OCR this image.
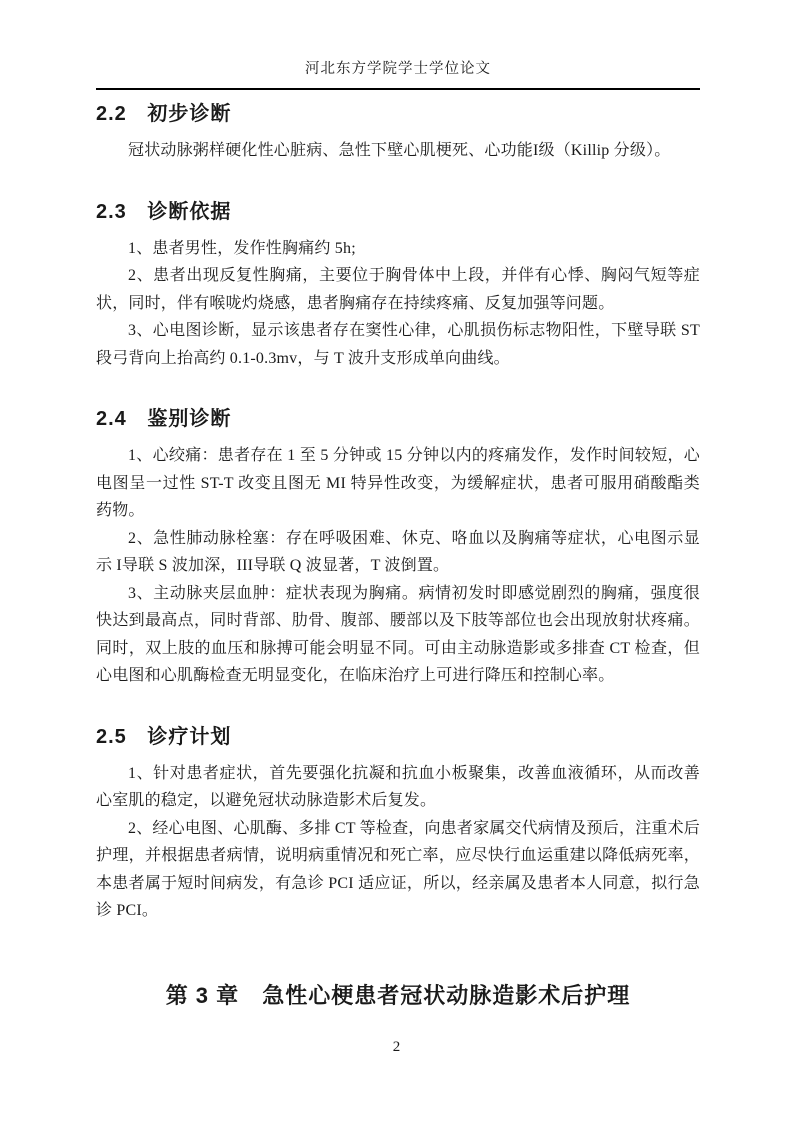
河北东方学院学士学位论文
2.2 初步诊断

冠状动脉粥样硬化性心脏病、急性下壁心肌梗死、心功能I级（Killip 分级）。

2.3 诊断依据

1、患者男性，发作性胸痛约 5h;

2、患者出现反复性胸痛，主要位于胸骨体中上段，并伴有心悸、胸闷气短等症状，同时，伴有喉咙灼烧感，患者胸痛存在持续疼痛、反复加强等问题。

3、心电图诊断，显示该患者存在窦性心律，心肌损伤标志物阳性，下壁导联 ST 段弓背向上抬高约 0.1-0.3mv，与 T 波升支形成单向曲线。

2.4 鉴别诊断

1、心绞痛：患者存在 1 至 5 分钟或 15 分钟以内的疼痛发作，发作时间较短，心电图呈一过性 ST-T 改变且图无 MI 特异性改变，为缓解症状，患者可服用硝酸酯类药物。

2、急性肺动脉栓塞：存在呼吸困难、休克、咯血以及胸痛等症状，心电图示显示 I导联 S 波加深，III导联 Q 波显著，T 波倒置。

3、主动脉夹层血肿：症状表现为胸痛。病情初发时即感觉剧烈的胸痛，强度很快达到最高点，同时背部、肋骨、腹部、腰部以及下肢等部位也会出现放射状疼痛。同时，双上肢的血压和脉搏可能会明显不同。可由主动脉造影或多排查 CT 检查，但心电图和心肌酶检查无明显变化，在临床治疗上可进行降压和控制心率。

2.5 诊疗计划

1、针对患者症状，首先要强化抗凝和抗血小板聚集，改善血液循环，从而改善心室肌的稳定，以避免冠状动脉造影术后复发。

2、经心电图、心肌酶、多排 CT 等检查，向患者家属交代病情及预后，注重术后护理，并根据患者病情，说明病重情况和死亡率，应尽快行血运重建以降低病死率，本患者属于短时间病发，有急诊 PCI 适应证，所以，经亲属及患者本人同意，拟行急诊 PCI。

第 3 章 急性心梗患者冠状动脉造影术后护理
2
